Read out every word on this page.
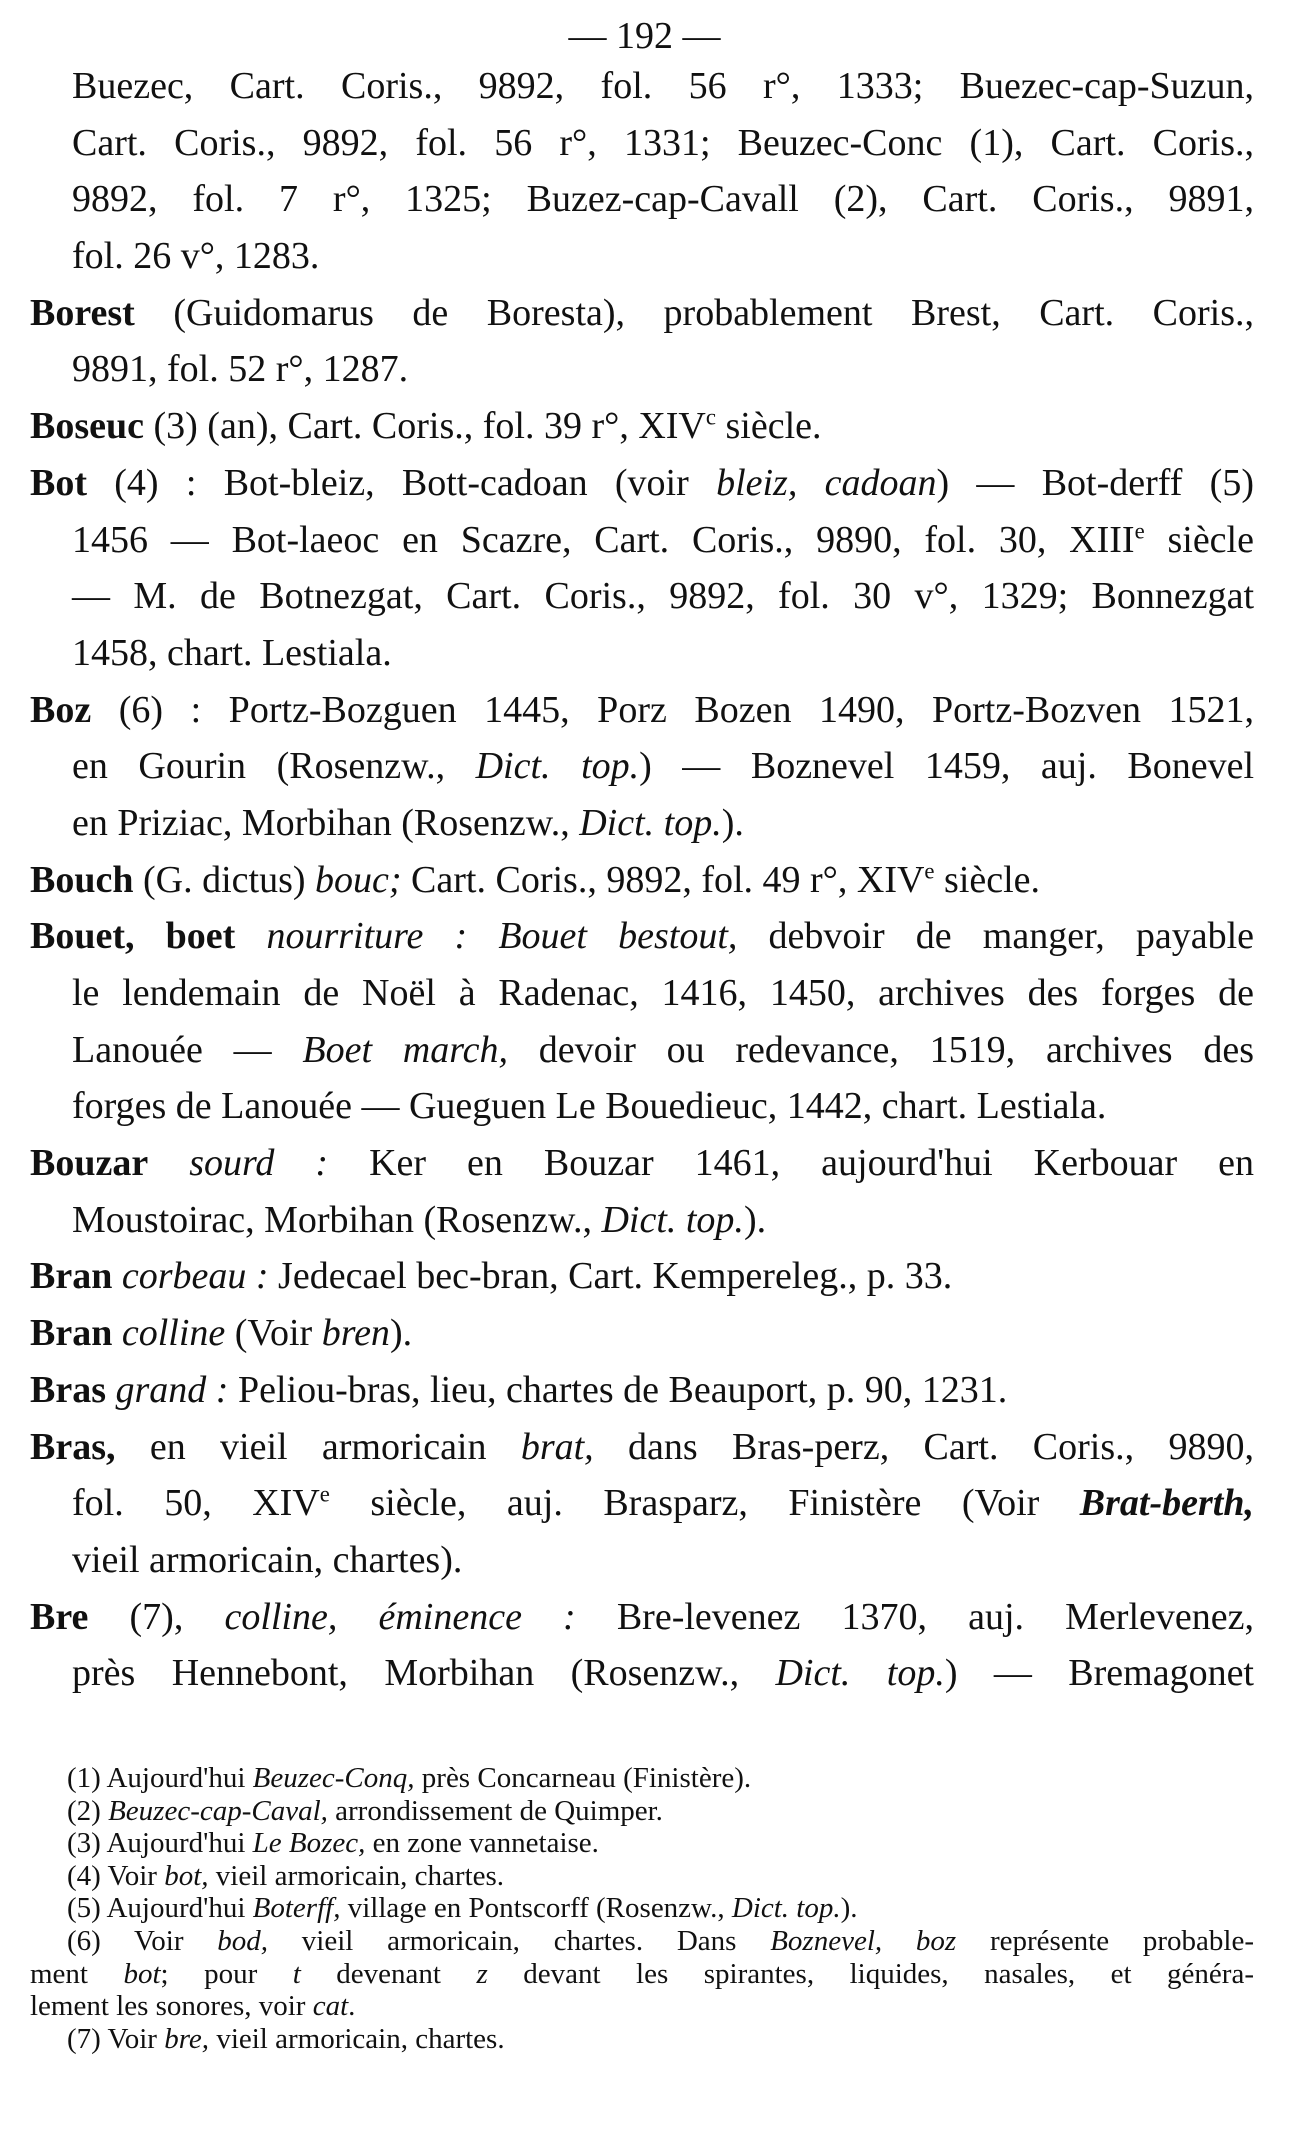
— 192 —
Buezec, Cart. Coris., 9892, fol. 56 r°, 1333; Buezec-cap-Suzun,
Cart. Coris., 9892, fol. 56 r°, 1331; Beuzec-Conc (1), Cart. Coris.,
9892, fol. 7 r°, 1325; Buzez-cap-Cavall (2), Cart. Coris., 9891,
fol. 26 v°, 1283.
Borest (Guidomarus de Boresta), probablement Brest, Cart. Coris.,
9891, fol. 52 r°, 1287.
Boseuc (3) (an), Cart. Coris., fol. 39 r°, XIV$^c$ siècle.
Bot (4) : Bot-bleiz, Bott-cadoan (voir bleiz, cadoan) — Bot-derff (5)
1456 — Bot-laeoc en Scazre, Cart. Coris., 9890, fol. 30, XIIIe siècle
— M. de Botnezgat, Cart. Coris., 9892, fol. 30 v°, 1329; Bonnezgat
1458, chart. Lestiala.
Boz (6) : Portz-Bozguen 1445, Porz Bozen 1490, Portz-Bozven 1521,
en Gourin (Rosenzw., Dict. top.) — Boznevel 1459, auj. Bonevel
en Priziac, Morbihan (Rosenzw., Dict. top.).
Bouch (G. dictus) bouc; Cart. Coris., 9892, fol. 49 r°, XIVe siècle.
Bouet, boet nourriture : Bouet bestout, debvoir de manger, payable
le lendemain de Noël à Radenac, 1416, 1450, archives des forges de
Lanouée — Boet march, devoir ou redevance, 1519, archives des
forges de Lanouée — Gueguen Le Bouedieuc, 1442, chart. Lestiala.
Bouzar sourd : Ker en Bouzar 1461, aujourd'hui Kerbouar en
Moustoirac, Morbihan (Rosenzw., Dict. top.).
Bran corbeau : Jedecael bec-bran, Cart. Kempereleg., p. 33.
Bran colline (Voir bren).
Bras grand : Peliou-bras, lieu, chartes de Beauport, p. 90, 1231.
Bras, en vieil armoricain brat, dans Bras-perz, Cart. Coris., 9890,
fol. 50, XIVe siècle, auj. Brasparz, Finistère (Voir Brat-berth,
vieil armoricain, chartes).
Bre (7), colline, éminence : Bre-levenez 1370, auj. Merlevenez,
près Hennebont, Morbihan (Rosenzw., Dict. top.) — Bremagonet
(1) Aujourd'hui Beuzec-Conq, près Concarneau (Finistère).
(2) Beuzec-cap-Caval, arrondissement de Quimper.
(3) Aujourd'hui Le Bozec, en zone vannetaise.
(4) Voir bot, vieil armoricain, chartes.
(5) Aujourd'hui Boterff, village en Pontscorff (Rosenzw., Dict. top.).
(6) Voir bod, vieil armoricain, chartes. Dans Boznevel, boz représente probable-
ment bot; pour t devenant z devant les spirantes, liquides, nasales, et généra-
lement les sonores, voir cat.
(7) Voir bre, vieil armoricain, chartes.
